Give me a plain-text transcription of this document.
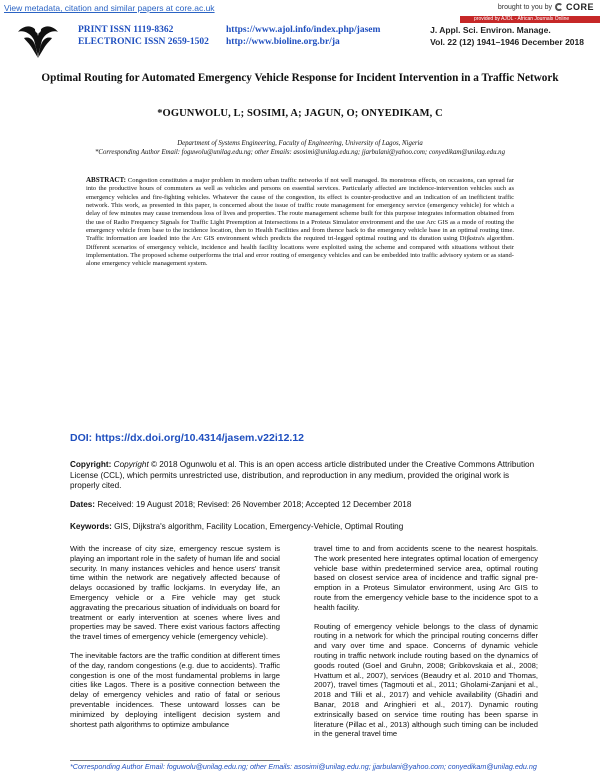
View metadata, citation and similar papers at core.ac.uk	brought to you by CORE
provided by AJOL - African Journals Online
PRINT ISSN 1119-8362
ELECTRONIC ISSN 2659-1502
https://www.ajol.info/index.php/jasem
http://www.bioline.org.br/ja
J. Appl. Sci. Environ. Manage.
Vol. 22 (12) 1941–1946 December 2018
Optimal Routing for Automated Emergency Vehicle Response for Incident Intervention in a Traffic Network
*OGUNWOLU, L; SOSIMI, A; JAGUN, O; ONYEDIKAM, C
Department of Systems Engineering, Faculty of Engineering, University of Lagos, Nigeria
*Corresponding Author Email: foguwolu@unilag.edu.ng; other Emails: asosimi@unilag.edu.ng; jjarbulani@yahoo.com; conyedikam@unilag.edu.ng
ABSTRACT: Congestion constitutes a major problem in modern urban traffic networks if not well managed. Its monstrous effects, on occasions, can spread far into the productive hours of commuters as well as vehicles and persons on essential services. Particularly affected are incidence-intervention vehicles such as emergency vehicles and fire-fighting vehicles. Whatever the cause of the congestion, its effect is counter-productive and an indication of an inefficient traffic network. This work, as presented in this paper, is concerned about the issue of traffic route management for emergency service (emergency vehicle) for which a delay of few minutes may cause tremendous loss of lives and properties. The route management scheme built for this purpose integrates information obtained from the use of Radio Frequency Signals for Traffic Light Preemption at Intersections in a Proteus Simulator environment and the use Arc GIS as a mode of routing the emergency vehicle from base to the incidence location, then to Health Facilities and from thence back to the emergency vehicle base in an optimal routing time. Traffic information are loaded into the Arc GIS environment which predicts the required tri-legged optimal routing and its duration using Dijkstra's algorithm. Different scenarios of emergency vehicle, incidence and health facility locations were exploited using the scheme and compared with situations without their implementation. The proposed scheme outperforms the trial and error routing of emergency vehicles and can be embedded into traffic advisory system or as stand-alone emergency vehicle management system.
DOI: https://dx.doi.org/10.4314/jasem.v22i12.12
Copyright: Copyright © 2018 Ogunwolu et al. This is an open access article distributed under the Creative Commons Attribution License (CCL), which permits unrestricted use, distribution, and reproduction in any medium, provided the original work is properly cited.
Dates: Received: 19 August 2018; Revised: 26 November 2018; Accepted 12 December 2018
Keywords: GIS, Dijkstra's algorithm, Facility Location, Emergency-Vehicle, Optimal Routing

With the increase of city size, emergency rescue system is playing an important role in the safety of human life and social security. In many instances vehicles and hence users' transit time within the network are negatively affected because of delays occasioned by traffic lockjams. In everyday life, an Emergency vehicle or a Fire vehicle may get stuck aggravating the precarious situation of individuals on board for treatment or early intervention at scenes where lives and properties may be saved. There exist various factors affecting the travel times of emergency vehicle (emergency vehicle).

The inevitable factors are the traffic condition at different times of the day, random congestions (e.g. due to accidents). Traffic congestion is one of the most fundamental problems in large cities like Lagos. There is a positive connection between the delay of emergency vehicles and ratio of fatal or serious preventable incidences. These untoward losses can be minimized by deploying intelligent decision system and shortest path algorithms to optimize ambulance

travel time to and from accidents scene to the nearest hospitals. The work presented here integrates optimal location of emergency vehicle base within predetermined service area, optimal routing based on closest service area of incidence and traffic signal pre-emption in a Proteus Simulator environment, using Arc GIS to route from the emergency vehicle base to the incidence spot to a health facility.

Routing of emergency vehicle belongs to the class of dynamic routing in a network for which the principal routing concerns differ and vary over time and space. Concerns of dynamic vehicle routing in traffic network include routing based on the dynamics of goods routed (Goel and Gruhn, 2008; Gribkovskaia et al., 2008; Hvattum et al., 2007), services (Beaudry et al. 2010 and Thomas, 2007), travel times (Tagmouti et al., 2011; Gholami-Zanjani et al., 2018 and Tlili et al., 2017) and vehicle availability (Ghadiri and Banar, 2018 and Aringhieri et al., 2017). Dynamic routing extrinsically based on service time routing has been sparse in literature (Pillac et al., 2013) although such timing can be included in the general travel time

*Corresponding Author Email: foguwolu@unilag.edu.ng; other Emails: asosimi@unilag.edu.ng; jjarbulani@yahoo.com; conyedikam@unilag.edu.ng
